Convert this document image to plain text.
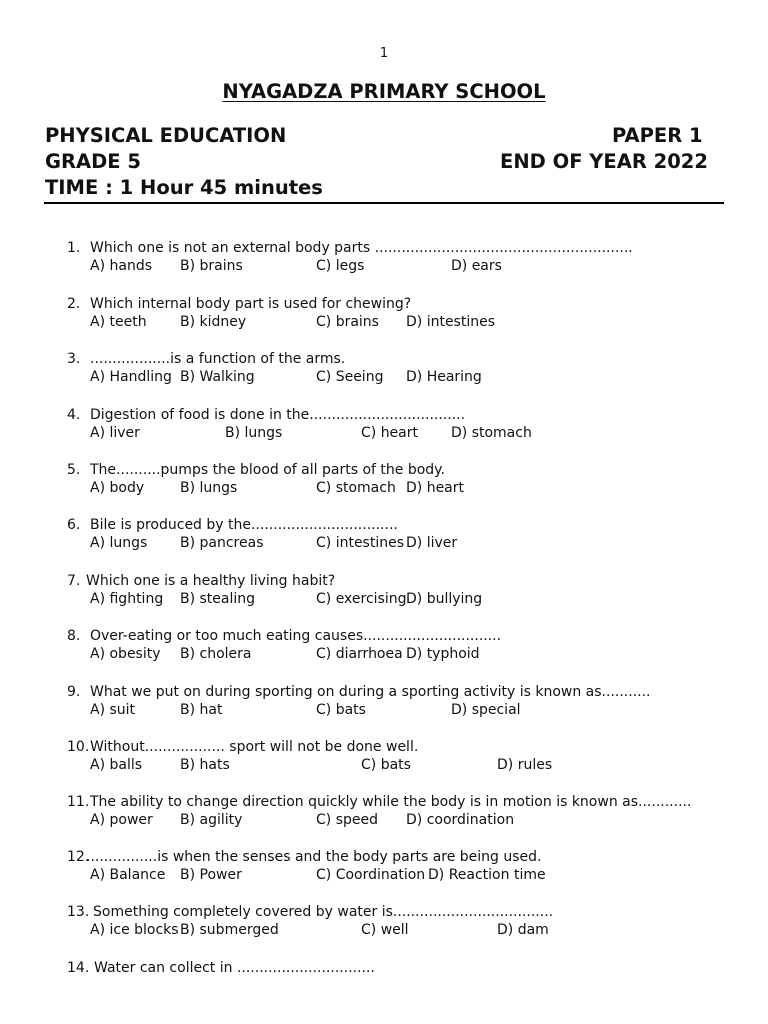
1
NYAGADZA PRIMARY SCHOOL
PHYSICAL EDUCATION	PAPER 1
GRADE 5	END OF YEAR 2022
TIME : 1 Hour 45 minutes
1. Which one is not an external body parts ..........................................................
A) hands B) brains	C) legs	D) ears
2. Which internal body part is used for chewing?
A) teeth B) kidney	C) brains D) intestines
3. ..................is a function of the arms.
A) Handling B) Walking	C) Seeing D) Hearing
4. Digestion of food is done in the...................................
A) liver	B) lungs	C) heart D) stomach
5. The..........pumps the blood of all parts of the body.
A) body	B) lungs	C) stomach D) heart
6. Bile is produced by the.................................
A) lungs B) pancreas	C) intestines D) liver
7. Which one is a healthy living habit?
A) fighting B) stealing	C) exercising D) bullying
8. Over-eating or too much eating causes...............................
A) obesity B) cholera	C) diarrhoea D) typhoid
9. What we put on during sporting on during a sporting activity is known as...........
A) suit	B) hat	C) bats	D) special
10. Without.................. sport will not be done well.
A) balls	B) hats	C) bats	D) rules
11. The ability to change direction quickly while the body is in motion is known as............
A) power B) agility	C) speed D) coordination
12.
................is when the senses and the body parts are being used.
A) Balance B) Power	C) Coordination D) Reaction time
13. Something completely covered by water is....................................
A) ice blocks B) submerged	C) well	D) dam
14. Water can collect in ...............................
